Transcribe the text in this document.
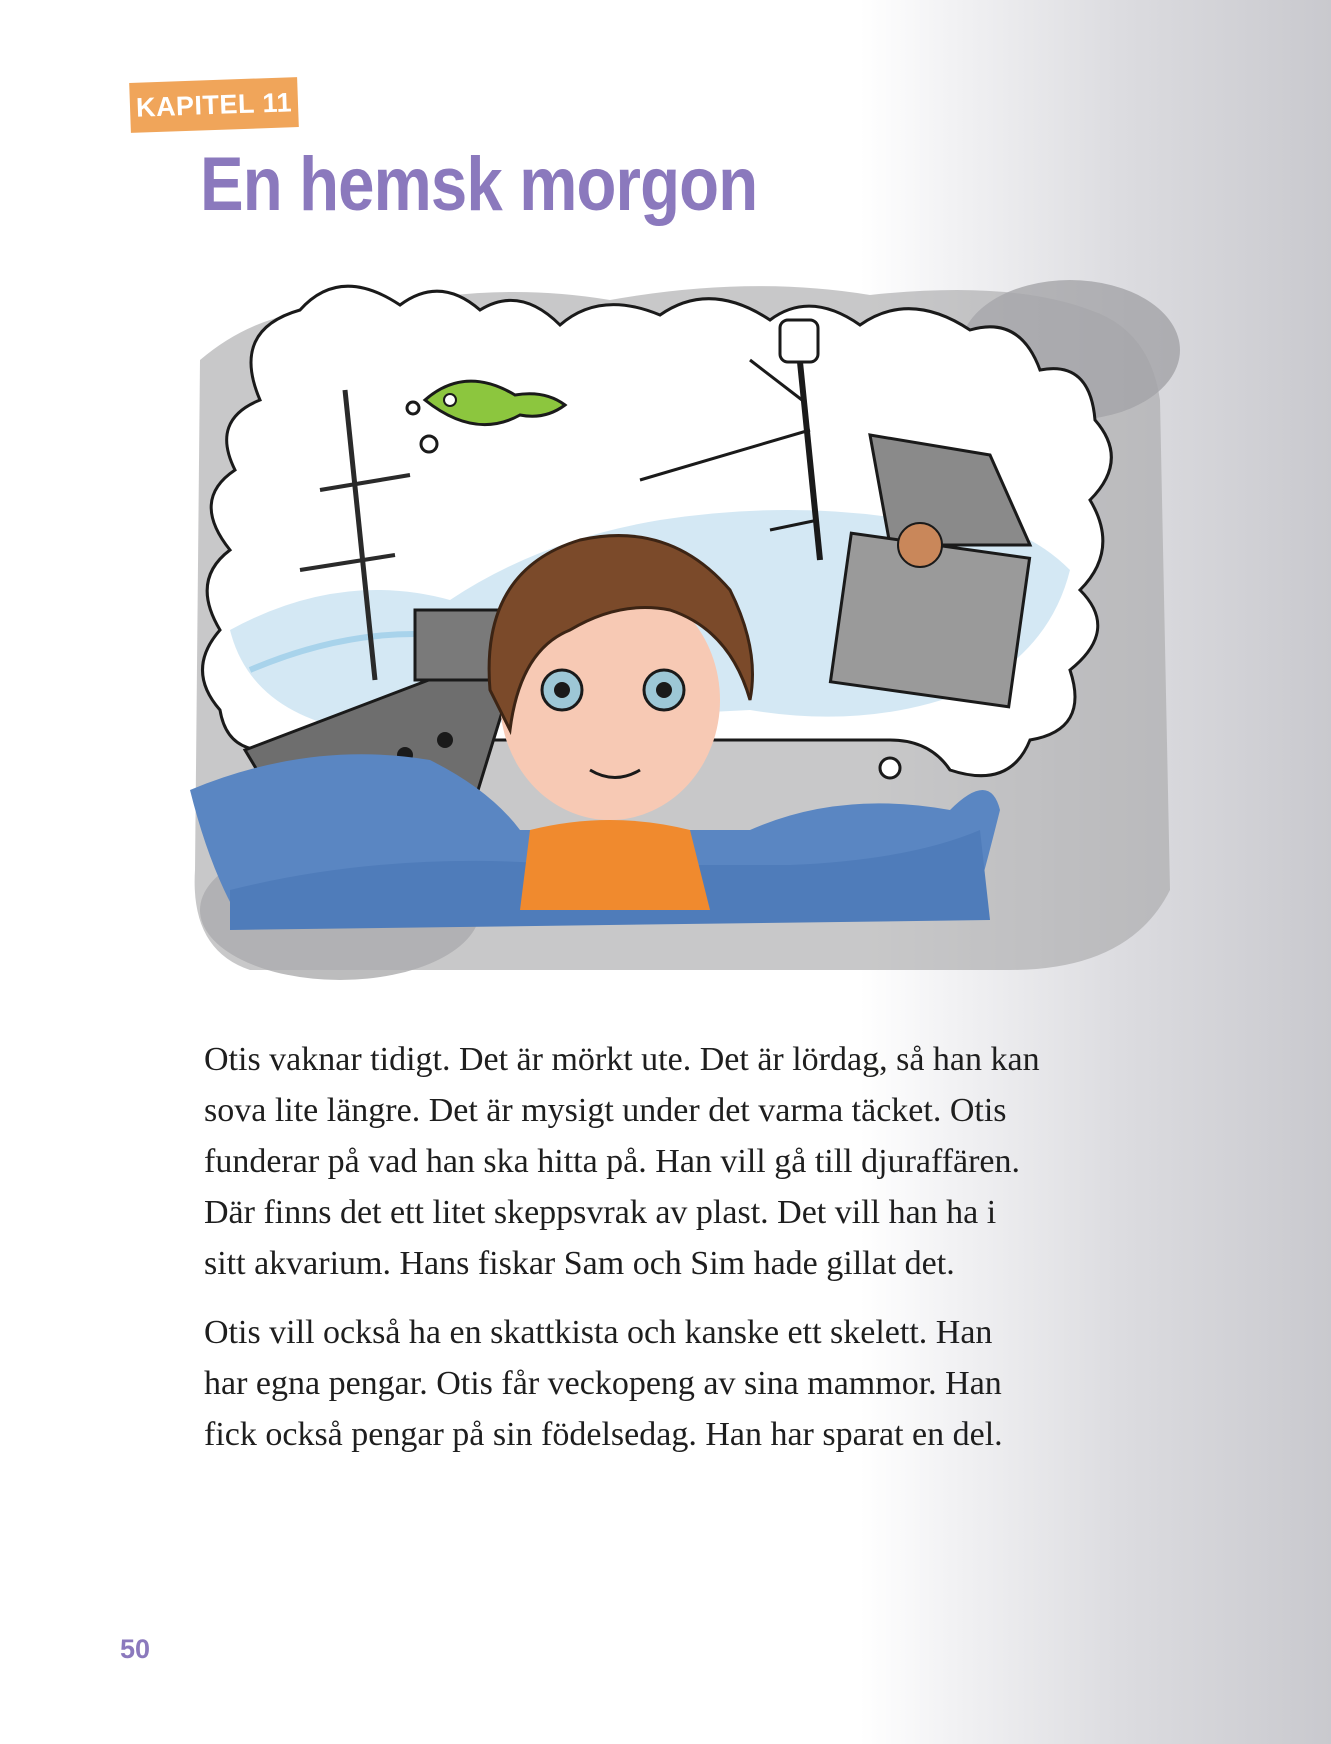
KAPITEL 11
En hemsk morgon

Otis vaknar tidigt. Det är mörkt ute. Det är lördag, så han kan sova lite längre. Det är mysigt under det varma täcket. Otis funderar på vad han ska hitta på. Han vill gå till djuraffären. Där finns det ett litet skeppsvrak av plast. Det vill han ha i sitt akvarium. Hans fiskar Sam och Sim hade gillat det.

Otis vill också ha en skattkista och kanske ett skelett. Han har egna pengar. Otis får veckopeng av sina mammor. Han fick också pengar på sin födelsedag. Han har sparat en del.

50
